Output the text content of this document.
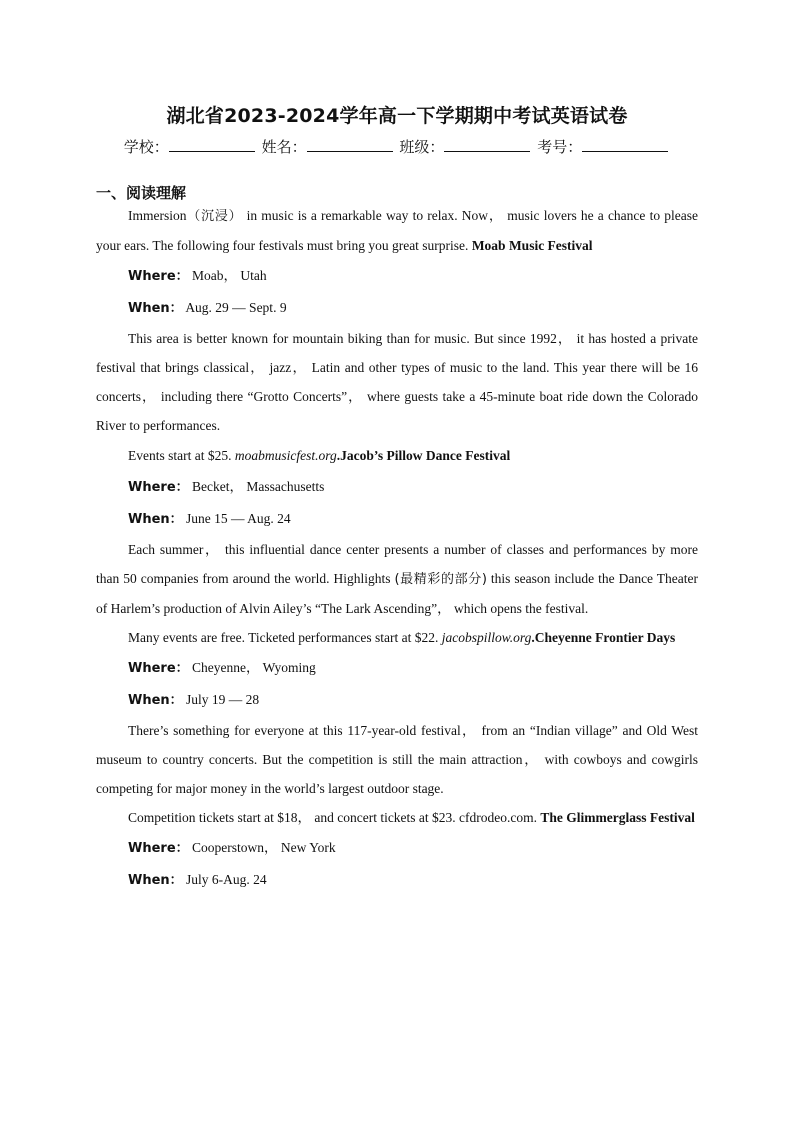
湖北省2023-2024学年高一下学期期中考试英语试卷
学校：	姓名：	班级：	考号：
一、阅读理解

Immersion（沉浸） in music is a remarkable way to relax. Now， music lovers he a chance to please your ears. The following four festivals must bring you great surprise. Moab Music Festival

Where： Moab， Utah

When： Aug. 29 — Sept. 9

This area is better known for mountain biking than for music. But since 1992， it has hosted a private festival that brings classical， jazz， Latin and other types of music to the land. This year there will be 16 concerts， including there “Grotto Concerts”， where guests take a 45-minute boat ride down the Colorado River to performances.

Events start at $25. moabmusicfest.org.Jacob’s Pillow Dance Festival

Where： Becket， Massachusetts

When： June 15 — Aug. 24

Each summer， this influential dance center presents a number of classes and performances by more than 50 companies from around the world. Highlights (最精彩的部分) this season include the Dance Theater of Harlem’s production of Alvin Ailey’s “The Lark Ascending”， which opens the festival.

Many events are free. Ticketed performances start at $22. jacobspillow.org.Cheyenne Frontier Days

Where： Cheyenne， Wyoming

When： July 19 — 28

There’s something for everyone at this 117-year-old festival， from an “Indian village” and Old West museum to country concerts. But the competition is still the main attraction， with cowboys and cowgirls competing for major money in the world’s largest outdoor stage.

Competition tickets start at $18， and concert tickets at $23. cfdrodeo.com. The Glimmerglass Festival

Where： Cooperstown， New York

When： July 6-Aug. 24
